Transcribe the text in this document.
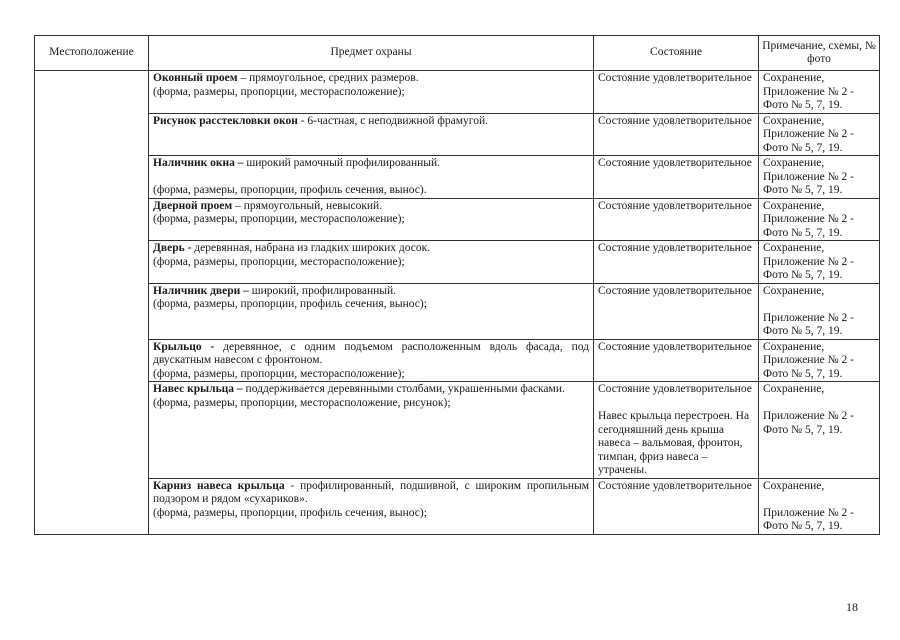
Местоположение	Предмет охраны	Состояние	Примечание, схемы, № фото

	Оконный проем – прямоугольное, средних размеров.
(форма, размеры, пропорции, месторасположение);	Состояние удовлетворительное	Сохранение,
Приложение № 2 -
Фото № 5, 7, 19.

	Рисунок расстекловки окон - 6-частная, с неподвижной фрамугой.	Состояние удовлетворительное	Сохранение,
Приложение № 2 -
Фото № 5, 7, 19.

	Наличник окна – широкий рамочный профилированный.
(форма, размеры, пропорции, профиль сечения, вынос).	Состояние удовлетворительное	Сохранение,
Приложение № 2 -
Фото № 5, 7, 19.

	Дверной проем – прямоугольный, невысокий.
(форма, размеры, пропорции, месторасположение);	Состояние удовлетворительное	Сохранение,
Приложение № 2 -
Фото № 5, 7, 19.

	Дверь - деревянная, набрана из гладких широких досок.
(форма, размеры, пропорции, месторасположение);	Состояние удовлетворительное	Сохранение,
Приложение № 2 -
Фото № 5, 7, 19.

	Наличник двери – широкий, профилированный.
(форма, размеры, пропорции, профиль сечения, вынос);	Состояние удовлетворительное	Сохранение,
Приложение № 2 -
Фото № 5, 7, 19.

	Крыльцо - деревянное, с одним подъемом расположенным вдоль фасада, под двускатным навесом с фронтоном.
(форма, размеры, пропорции, месторасположение);	Состояние удовлетворительное	Сохранение,
Приложение № 2 -
Фото № 5, 7, 19.

	Навес крыльца – поддерживается деревянными столбами, украшенными фасками.
(форма, размеры, пропорции, месторасположение, рисунок);	Состояние удовлетворительное
Навес крыльца перестроен. На сегодняшний день крыша навеса – вальмовая, фронтон, тимпан, фриз навеса – утрачены.	Сохранение,
Приложение № 2 -
Фото № 5, 7, 19.

	Карниз навеса крыльца - профилированный, подшивной, с широким пропильным подзором и рядом «сухариков».
(форма, размеры, пропорции, профиль сечения, вынос);	Состояние удовлетворительное	Сохранение,
Приложение № 2 -
Фото № 5, 7, 19.
18
